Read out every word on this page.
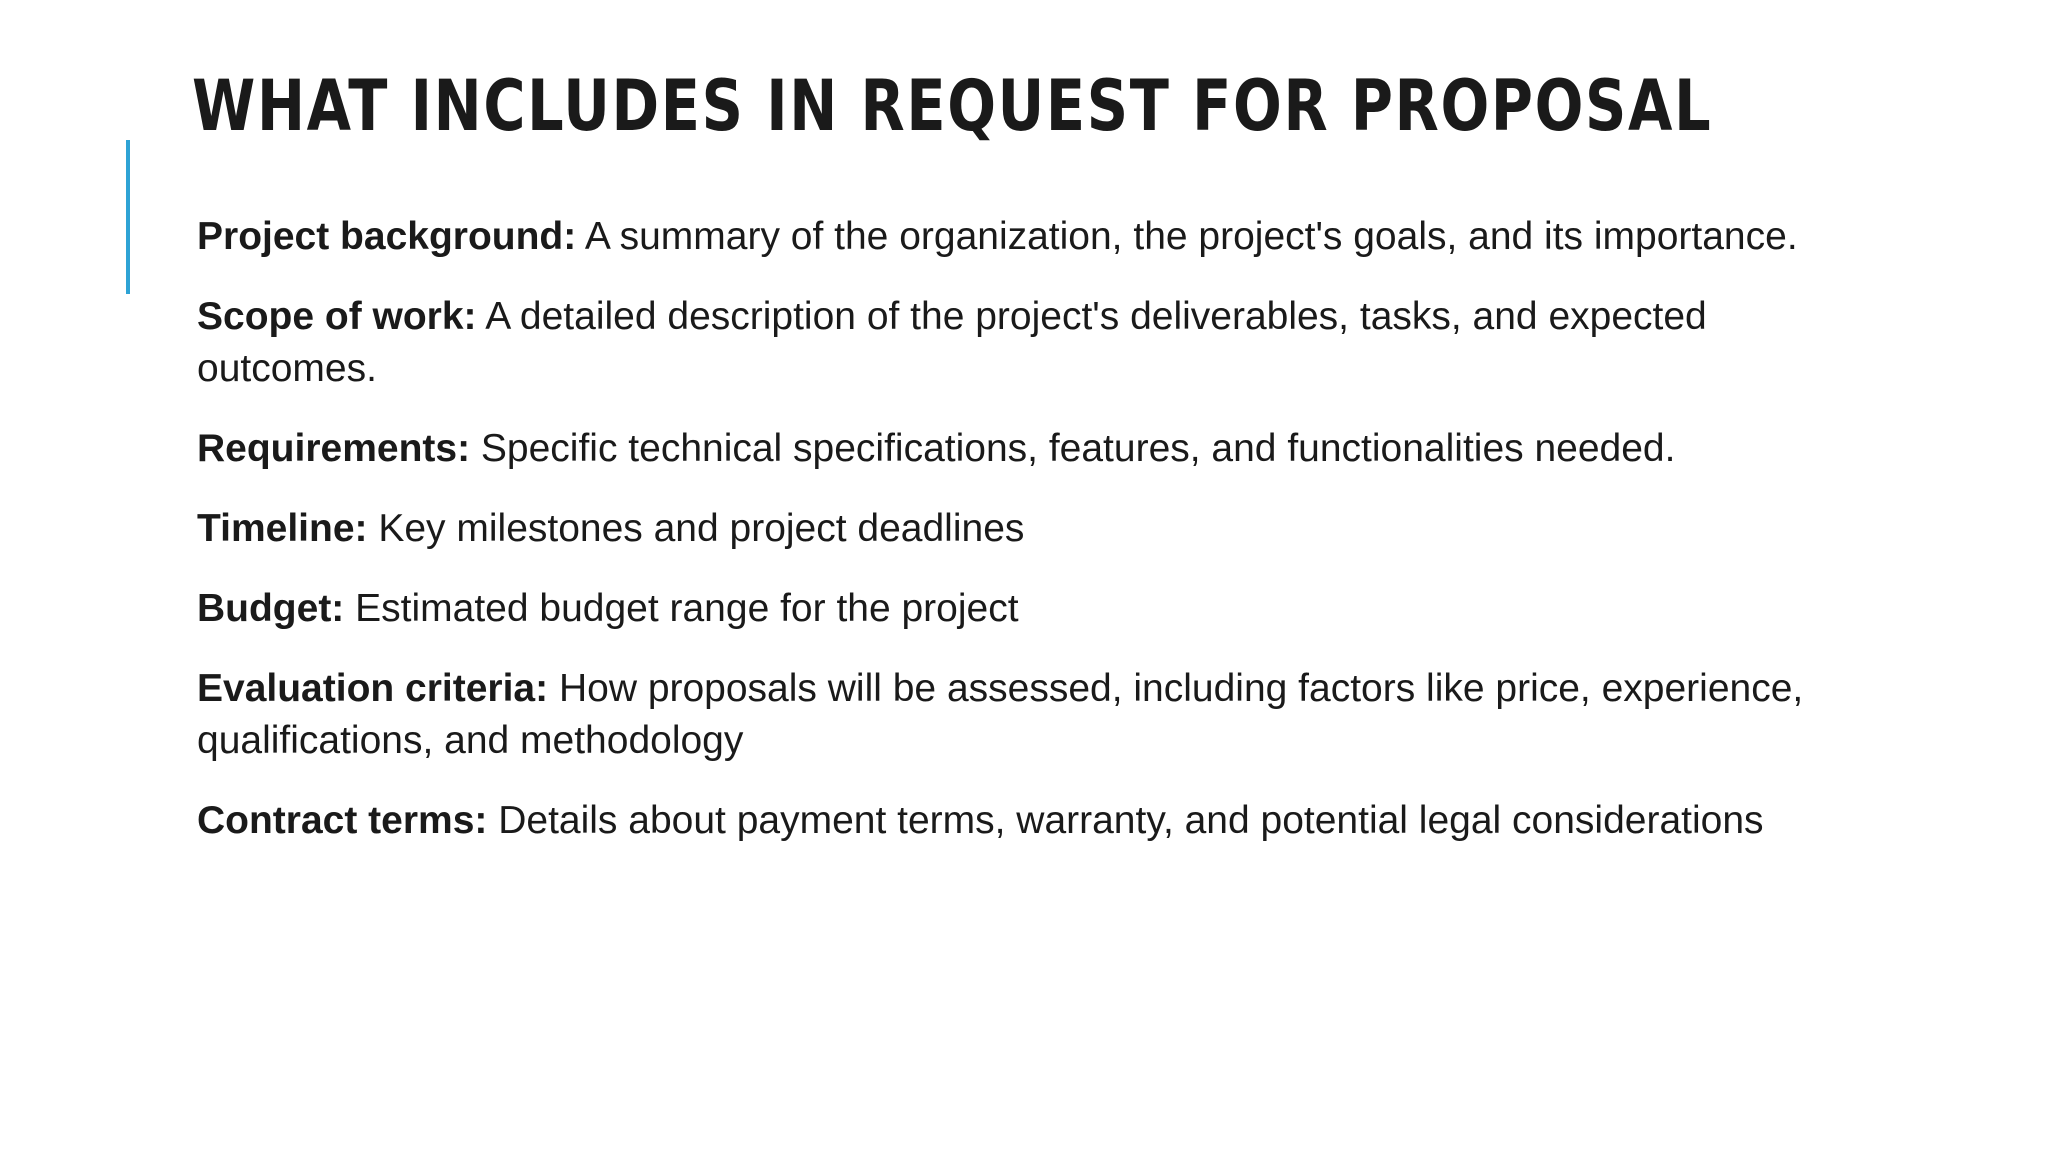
WHAT INCLUDES IN REQUEST FOR PROPOSAL

Project background: A summary of the organization, the project's goals, and its importance.

Scope of work: A detailed description of the project's deliverables, tasks, and expected outcomes.

Requirements: Specific technical specifications, features, and functionalities needed.

Timeline: Key milestones and project deadlines

Budget: Estimated budget range for the project

Evaluation criteria: How proposals will be assessed, including factors like price, experience, qualifications, and methodology

Contract terms: Details about payment terms, warranty, and potential legal considerations
